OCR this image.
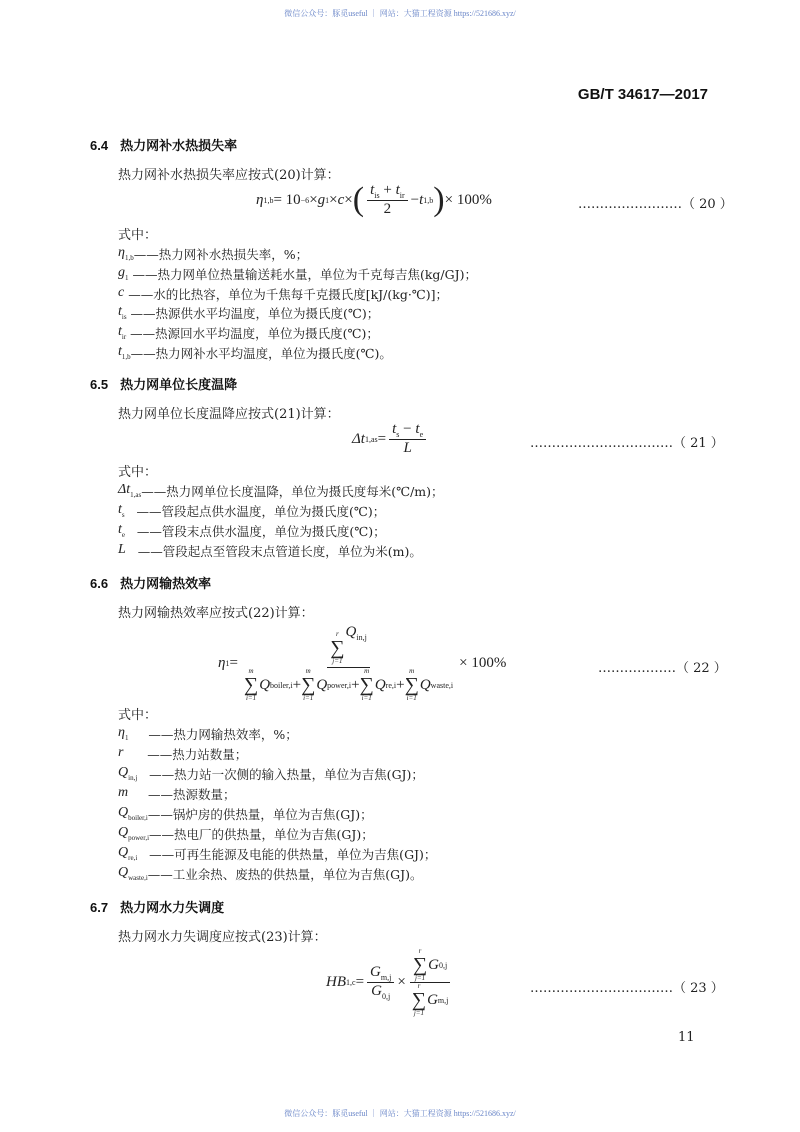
微信公众号：豚觅useful ｜ 网站：大猫工程资源 https://521686.xyz/
GB/T 34617—2017
6.4 热力网补水热损失率
热力网补水热损失率应按式(20)计算：
η 1,b = 10 −6 × g 1 × c × ( $\frac{t_{is} + t_{ir}}{2} - t$ 1,b ) × 100%	……………………（ 20 ）
式中：
$\eta_{1,b}$ ——热力网补水热损失率，%；
$g_1$ ——热力网单位热量输送耗水量，单位为千克每吉焦(kg/GJ)；
c ——水的比热容，单位为千焦每千克摄氏度[kJ/(kg·℃)]；
$t_{is}$ ——热源供水平均温度，单位为摄氏度(℃)；
$t_{ir}$ ——热源回水平均温度，单位为摄氏度(℃)；
$t_{1,b}$ ——热力网补水平均温度，单位为摄氏度(℃)。
6.5 热力网单位长度温降
热力网单位长度温降应按式(21)计算：
Δt $1,as = \frac{t_s - t_e}{L}$	……………………………（ 21 ）
式中：
$\Delta t_{1,as}$ ——热力网单位长度温降，单位为摄氏度每米(℃/m)；
$t_s$ ——管段起点供水温度，单位为摄氏度(℃)；
$t_e$ ——管段末点供水温度，单位为摄氏度(℃)；
L ——管段起点至管段末点管道长度，单位为米(m)。
6.6 热力网输热效率
热力网输热效率应按式(22)计算：
η 1 =
r
∑
j=1
$Q_{in,j}$
m
∑
i=1
Q boiler,i +
m
∑
i=1
Q power,i +
m
∑
i=1
Q re,i +
m
∑
i=1
Q waste,i
× 100%	………………（ 22 ）
式中：
$\eta_1$ ——热力网输热效率，%；
r ——热力站数量；
$Q_{in,j}$ ——热力站一次侧的输入热量，单位为吉焦(GJ)；
m ——热源数量；
$Q_{boiler,i}$ ——锅炉房的供热量，单位为吉焦(GJ)；
$Q_{power,i}$ ——热电厂的供热量，单位为吉焦(GJ)；
$Q_{re,i}$ ——可再生能源及电能的供热量，单位为吉焦(GJ)；
$Q_{waste,i}$ ——工业余热、废热的供热量，单位为吉焦(GJ)。
6.7 热力网水力失调度
热力网水力失调度应按式(23)计算：
HB $1,c = \frac{G_{m,j}}{G_{0,j}} \times r$
∑
j=1
G 0,j
r
∑
j=1
G m,j	……………………………（ 23 ）
11
微信公众号：豚觅useful ｜ 网站：大猫工程资源 https://521686.xyz/
